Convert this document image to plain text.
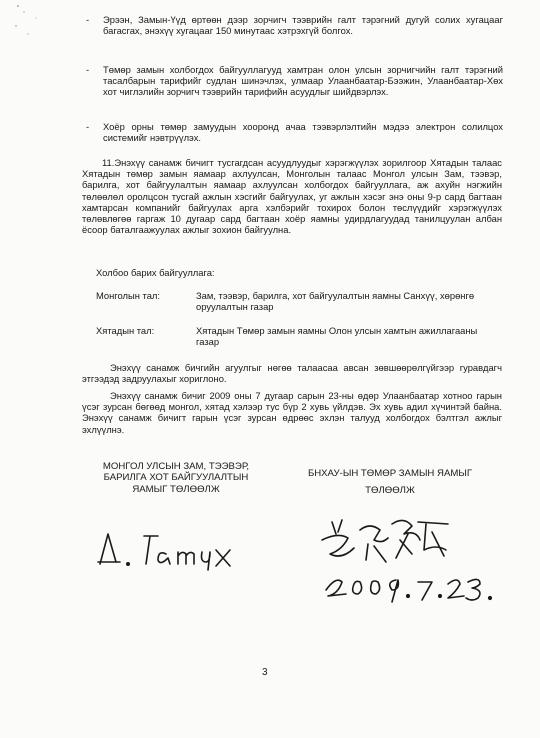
- Эрээн, Замын-Үүд өртөөн дээр зорчигч тээврийн галт тэрэгний дугуй солих хугацааг багасгах, энэхүү хугацааг 150 минутаас хэтрэхгүй болгох.
- Төмөр замын холбогдох байгууллагууд хамтран олон улсын зорчигчийн галт тэрэгний тасалбарын тарифийг судлан шинэчлэх, улмаар Улаанбаатар-Бээжин, Улаанбаатар-Хөх хот чиглэлийн зорчигч тээврийн тарифийн асуудлыг шийдвэрлэх.
- Хоёр орны төмөр замуудын хооронд ачаа тээвэрлэлтийн мэдээ электрон солилцох системийг нэвтрүүлэх.
11.Энэхүү санамж бичигт тусгагдсан асуудлуудыг хэрэгжүүлэх зорилгоор Хятадын талаас Хятадын төмөр замын яамаар ахлуулсан, Монголын талаас Монгол улсын Зам, тээвэр, барилга, хот байгуулалтын яамаар ахлуулсан холбогдох байгууллага, аж ахуйн нэгжийн төлөөлөл оролцсон тусгай ажлын хэсгийг байгуулах, уг ажлын хэсэг энэ оны 9-р сард багтаан хамтарсан компанийг байгуулах арга хэлбэрийг тохирох болон төслүүдийг хэрэгжүүлэх төлөвлөгөө гаргаж 10 дугаар сард багтаан хоёр яамны удирдлагуудад танилцуулан албан ёсоор баталгаажуулах ажлыг зохион байгуулна.
Холбоо барих байгууллага:
Монголын тал:	Зам, тээвэр, барилга, хот байгуулалтын яамны Санхүү, хөрөнгө оруулалтын газар
Хятадын тал:	Хятадын Төмөр замын яамны Олон улсын хамтын ажиллагааны газар
Энэхүү санамж бичгийн агуулгыг нөгөө талаасаа авсан зөвшөөрөлгүйгээр гуравдагч этгээдэд задруулахыг хориглоно.
Энэхүү санамж бичиг 2009 оны 7 дугаар сарын 23-ны өдөр Улаанбаатар хотноо гарын үсэг зурсан бөгөөд монгол, хятад хэлээр тус бүр 2 хувь үйлдэв. Эх хувь адил хүчинтэй байна. Энэхүү санамж бичигт гарын үсэг зурсан өдрөөс эхлэн талууд холбогдох бэлтгэл ажлыг эхлүүлнэ.
МОНГОЛ УЛСЫН ЗАМ, ТЭЭВЭР,
БАРИЛГА ХОТ БАЙГУУЛАЛТЫН
ЯАМЫГ ТӨЛӨӨЛЖ
БНХАУ-ЫН ТӨМӨР ЗАМЫН ЯАМЫГ
ТӨЛӨӨЛЖ
3
